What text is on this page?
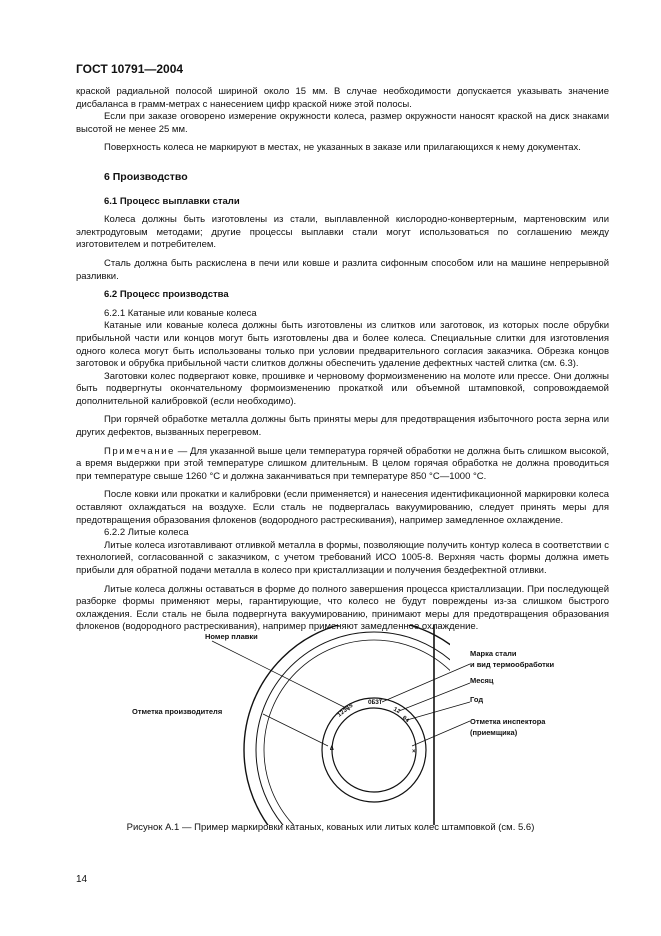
ГОСТ 10791—2004

краской радиальной полосой шириной около 15 мм. В случае необходимости допускается указывать значение дисбаланса в грамм-метрах с нанесением цифр краской ниже этой полосы.

Если при заказе оговорено измерение окружности колеса, размер окружности наносят краской на диск знаками высотой не менее 25 мм.

Поверхность колеса не маркируют в местах, не указанных в заказе или прилагающихся к нему документах.

6 Производство

6.1 Процесс выплавки стали

Колеса должны быть изготовлены из стали, выплавленной кислородно-конвертерным, мартеновским или электродуговым методами; другие процессы выплавки стали могут использоваться по соглашению между изготовителем и потребителем.

Сталь должна быть раскислена в печи или ковше и разлита сифонным способом или на машине непрерывной разливки.

6.2 Процесс производства

6.2.1 Катаные или кованые колеса

Катаные или кованые колеса должны быть изготовлены из слитков или заготовок, из которых после обрубки прибыльной части или концов могут быть изготовлены два и более колеса. Специальные слитки для изготовления одного колеса могут быть использованы только при условии предварительного согласия заказчика. Обрезка концов заготовок и обрубка прибыльной части слитков должны обеспечить удаление дефектных частей слитка (см. 6.3).

Заготовки колес подвергают ковке, прошивке и черновому формоизменению на молоте или прессе. Они должны быть подвергнуты окончательному формоизменению прокаткой или объемной штамповкой, сопровождаемой дополнительной калибровкой (если необходимо).

При горячей обработке металла должны быть приняты меры для предотвращения избыточного роста зерна или других дефектов, вызванных перегревом.

Примечание — Для указанной выше цели температура горячей обработки не должна быть слишком высокой, а время выдержки при этой температуре слишком длительным. В целом горячая обработка не должна проводиться при температуре свыше 1260 °С и должна заканчиваться при температуре 850 °С—1000 °С.

После ковки или прокатки и калибровки (если применяется) и нанесения идентификационной маркировки колеса оставляют охлаждаться на воздухе. Если сталь не подвергалась вакуумированию, следует принять меры для предотвращения образования флокенов (водородного растрескивания), например замедленное охлаждение.

6.2.2 Литые колеса

Литые колеса изготавливают отливкой металла в формы, позволяющие получить контур колеса в соответствии с технологией, согласованной с заказчиком, с учетом требований ИСО 1005-8. Верхняя часть формы должна иметь прибыли для обратной подачи металла в колесо при кристаллизации и получения бездефектной отливки.

Литые колеса должны оставаться в форме до полного завершения процесса кристаллизации. При последующей разборке формы применяют меры, гарантирующие, что колесо не будут повреждены из-за слишком быстрого охлаждения. Если сталь не была подвергнута вакуумированию, принимают меры для предотвращения образования флокенов (водородного растрескивания), например применяют замедленное охлаждение.

12345 ОБЗТ
12
04
Δ	×
Номер плавки
Марка стали
и вид термообработки
Месяц
Год
Отметка инспектора
(приемщика)
Отметка производителя
Рисунок А.1 — Пример маркировки катаных, кованых или литых колес штамповкой (см. 5.6)
14
